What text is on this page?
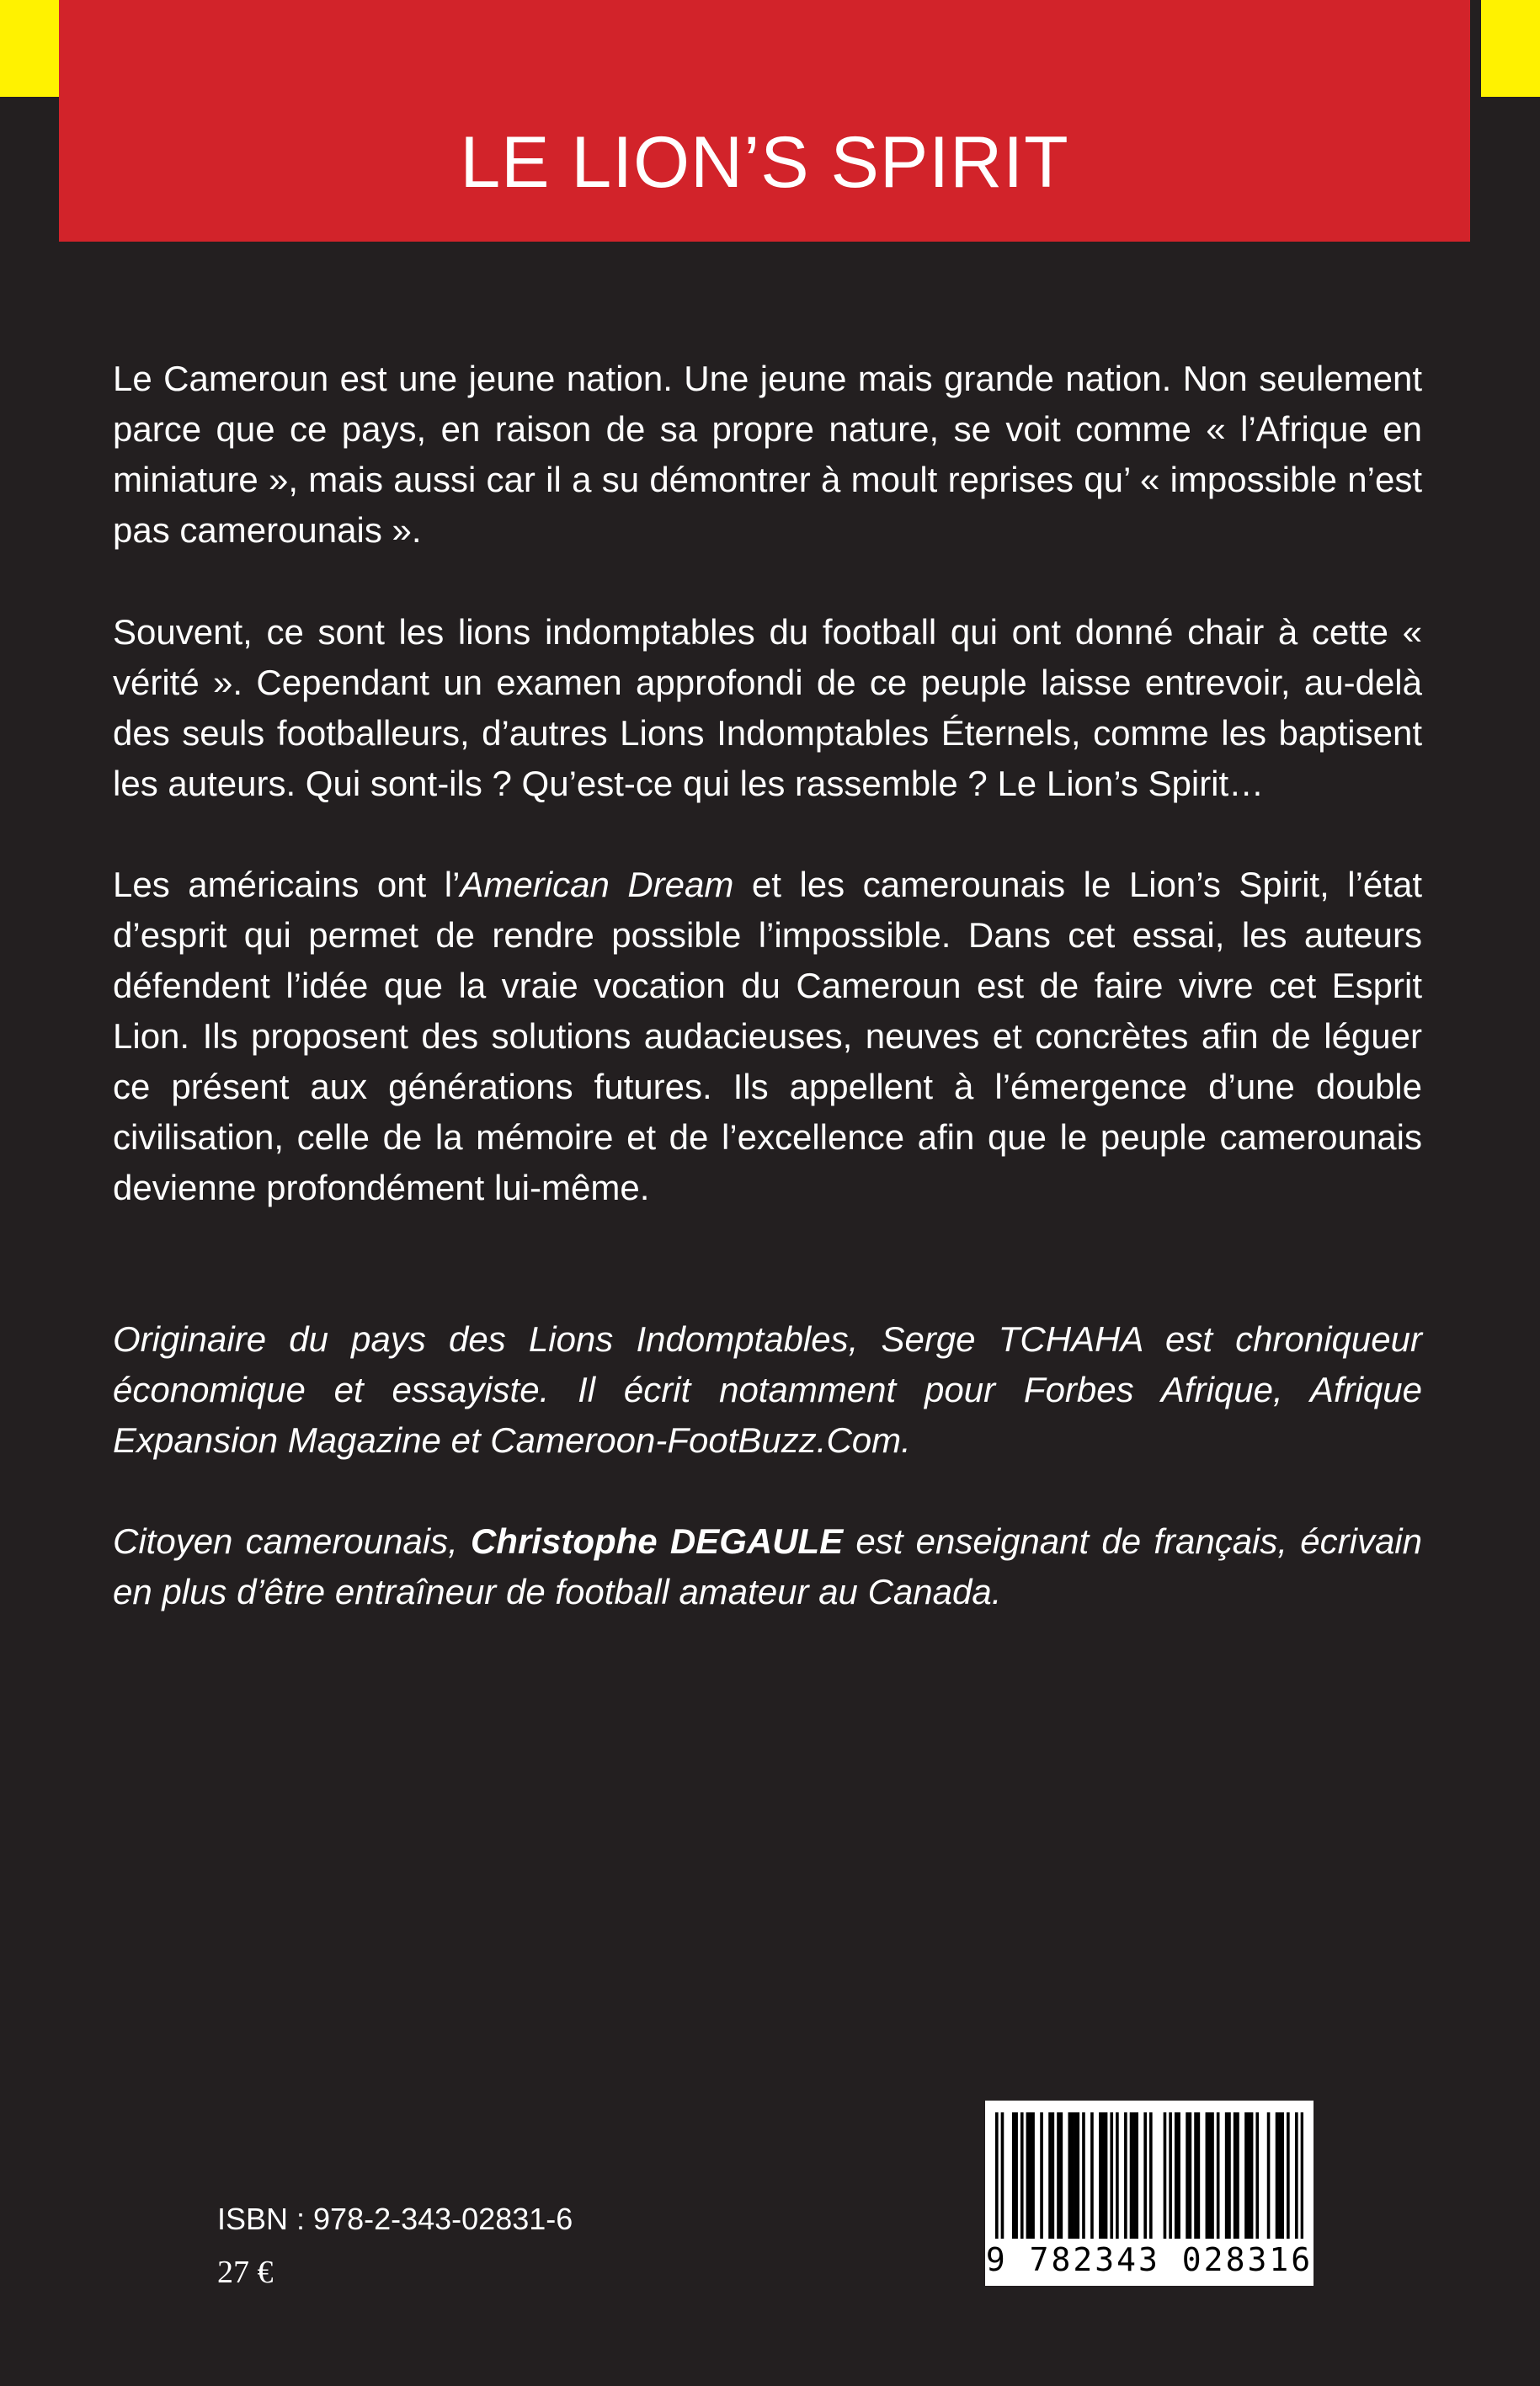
LE LION’S SPIRIT

Le Cameroun est une jeune nation. Une jeune mais grande nation. Non seulement parce que ce pays, en raison de sa propre nature, se voit comme « l’Afrique en miniature », mais aussi car il a su démontrer à moult reprises qu’ « impossible n’est pas camerounais ».

Souvent, ce sont les lions indomptables du football qui ont donné chair à cette « vérité ». Cependant un examen approfondi de ce peuple laisse entrevoir, au-delà des seuls footballeurs, d’autres Lions Indomptables Éternels, comme les baptisent les auteurs. Qui sont-ils ? Qu’est-ce qui les rassemble ? Le Lion’s Spirit…

Les américains ont l’American Dream et les camerounais le Lion’s Spirit, l’état d’esprit qui permet de rendre possible l’impossible. Dans cet essai, les auteurs défendent l’idée que la vraie vocation du Cameroun est de faire vivre cet Esprit Lion. Ils proposent des solutions audacieuses, neuves et concrètes afin de léguer ce présent aux générations futures. Ils appellent à l’émergence d’une double civilisation, celle de la mémoire et de l’excellence afin que le peuple camerounais devienne profondément lui-même.

Originaire du pays des Lions Indomptables, Serge TCHAHA est chroniqueur économique et essayiste. Il écrit notamment pour Forbes Afrique, Afrique Expansion Magazine et Cameroon-FootBuzz.Com.

Citoyen camerounais, Christophe DEGAULE est enseignant de français, écrivain en plus d’être entraîneur de football amateur au Canada.

ISBN : 978-2-343-02831-6
27 €	9 782343 028316
